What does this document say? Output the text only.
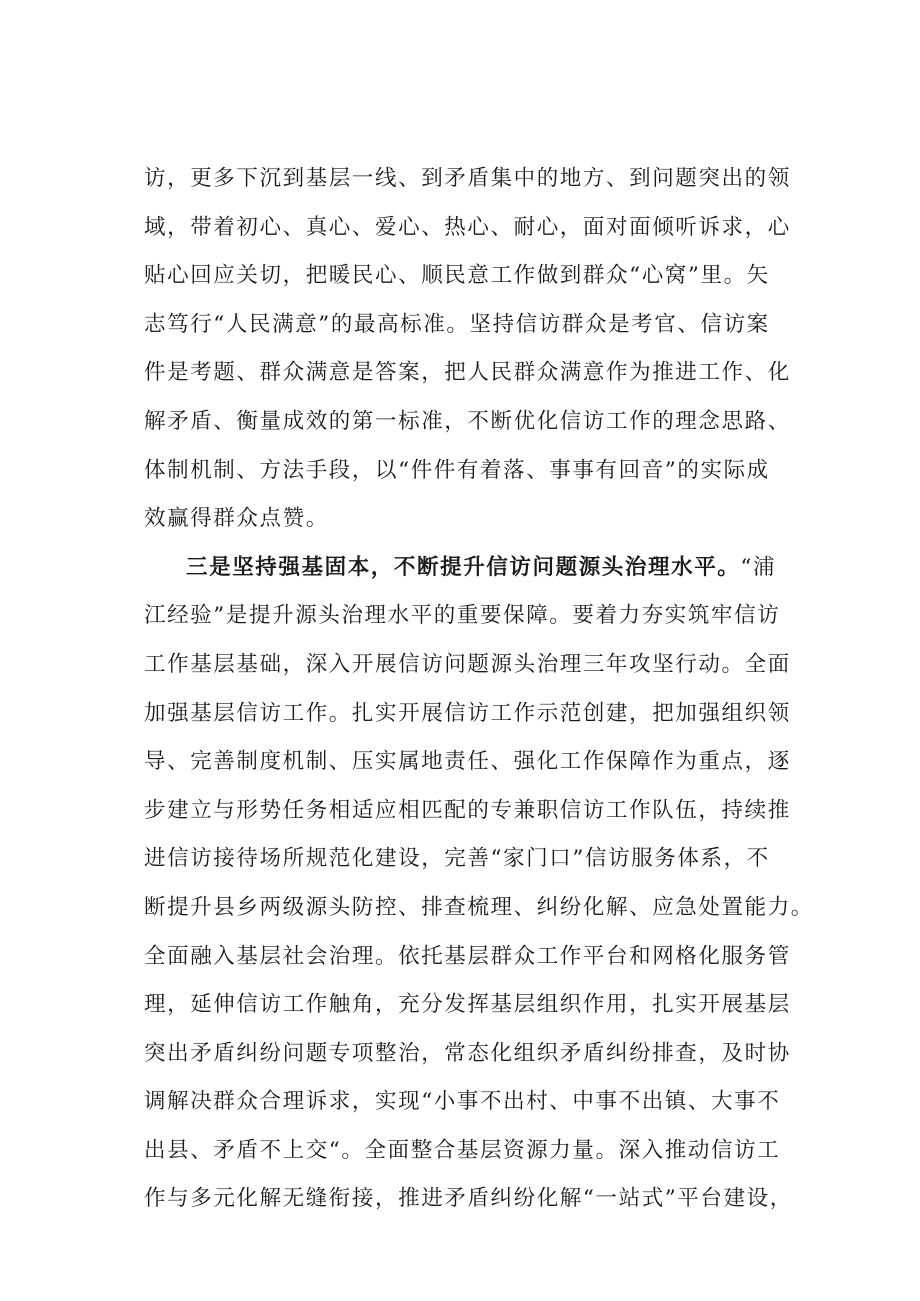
访，更多下沉到基层一线、到矛盾集中的地方、到问题突出的领
域，带着初心、真心、爱心、热心、耐心，面对面倾听诉求，心
贴心回应关切，把暖民心、顺民意工作做到群众“心窝”里。矢
志笃行“人民满意”的最高标准。坚持信访群众是考官、信访案
件是考题、群众满意是答案，把人民群众满意作为推进工作、化
解矛盾、衡量成效的第一标准，不断优化信访工作的理念思路、
体制机制、方法手段，以“件件有着落、事事有回音”的实际成
效赢得群众点赞。
三是坚持强基固本，不断提升信访问题源头治理水平。“浦
江经验”是提升源头治理水平的重要保障。要着力夯实筑牢信访
工作基层基础，深入开展信访问题源头治理三年攻坚行动。全面
加强基层信访工作。扎实开展信访工作示范创建，把加强组织领
导、完善制度机制、压实属地责任、强化工作保障作为重点，逐
步建立与形势任务相适应相匹配的专兼职信访工作队伍，持续推
进信访接待场所规范化建设，完善“家门口”信访服务体系，不
断提升县乡两级源头防控、排查梳理、纠纷化解、应急处置能力。
全面融入基层社会治理。依托基层群众工作平台和网格化服务管
理，延伸信访工作触角，充分发挥基层组织作用，扎实开展基层
突出矛盾纠纷问题专项整治，常态化组织矛盾纠纷排查，及时协
调解决群众合理诉求，实现“小事不出村、中事不出镇、大事不
出县、矛盾不上交“。全面整合基层资源力量。深入推动信访工
作与多元化解无缝衔接，推进矛盾纠纷化解“一站式”平台建设，
